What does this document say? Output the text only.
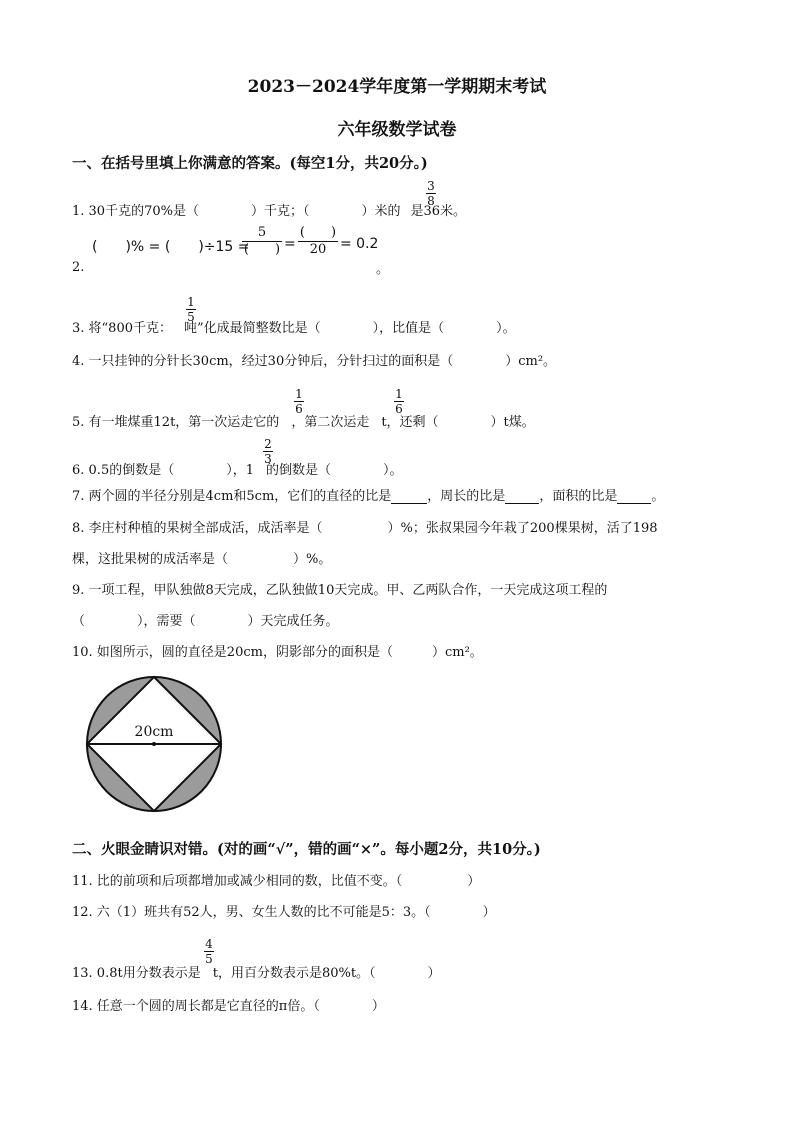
2023－2024学年度第一学期期末考试
六年级数学试卷
一、在括号里填上你满意的答案。(每空1分，共20分。)
1. 30千克的70%是（　　　　）千克；（　　　　）米的 是36米。
3
8
2.
(　　)% = (　　)÷15 =
5
(　　) =
(　　)
20 = 0.2
。
3. 将“800千克： 吨”化成最简整数比是（　　　　），比值是（　　　　）。
1
5
4. 一只挂钟的分针长30cm，经过30分钟后，分针扫过的面积是（　　　　）cm²。
5. 有一堆煤重12t，第一次运走它的 ，第二次运走 t，还剩（　　　　）t煤。
1
6
1
6
6. 0.5的倒数是（　　　　），1 的倒数是（　　　　）。
2
3
7. 两个圆的半径分别是4cm和5cm，它们的直径的比是	，周长的比是	，面积的比是	。
8. 李庄村种植的果树全部成活，成活率是（　　　　　）%；张叔果园今年栽了200棵果树，活了198
棵，这批果树的成活率是（　　　　　）%。
9. 一项工程，甲队独做8天完成，乙队独做10天完成。甲、乙两队合作，一天完成这项工程的
（　　　　），需要（　　　　）天完成任务。
10. 如图所示，圆的直径是20cm，阴影部分的面积是（　　　）cm²。
20cm
二、火眼金睛识对错。(对的画“√”，错的画“×”。每小题2分，共10分。)
11. 比的前项和后项都增加或减少相同的数，比值不变。（　　　　　）
12. 六（1）班共有52人，男、女生人数的比不可能是5：3。（　　　　）
13. 0.8t用分数表示是 t，用百分数表示是80%t。（　　　　）
4
5
14. 任意一个圆的周长都是它直径的π倍。（　　　　）
